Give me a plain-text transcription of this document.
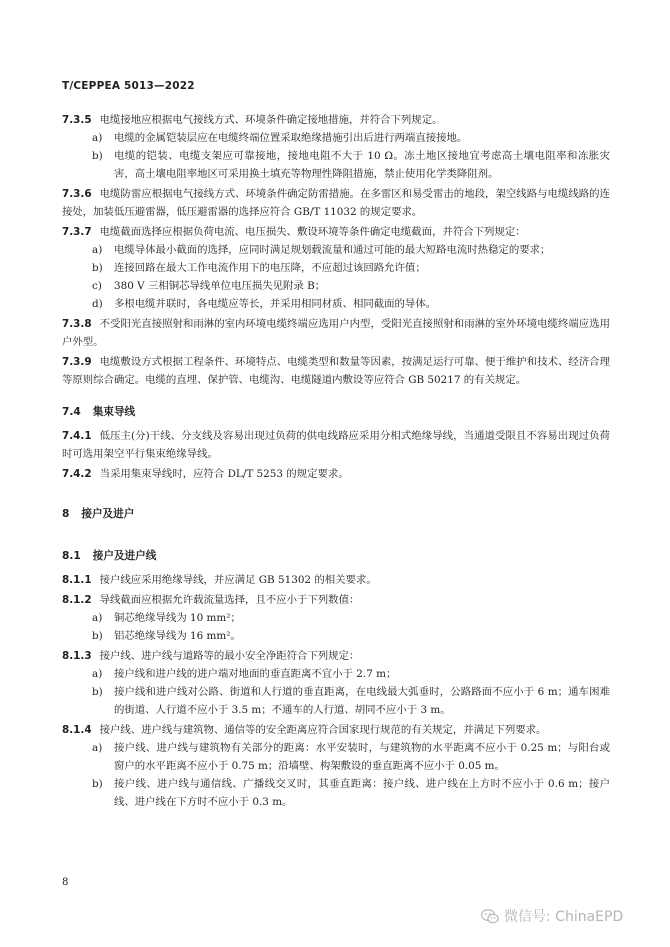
T/CEPPEA 5013—2022
7.3.5 电缆接地应根据电气接线方式、环境条件确定接地措施，并符合下列规定。
a) 电缆的金属铠装层应在电缆终端位置采取绝缘措施引出后进行两端直接接地。
b) 电缆的铠装、电缆支架应可靠接地，接地电阻不大于 10 Ω。冻土地区接地宜考虑高土壤电阻率和冻胀灾害，高土壤电阻率地区可采用换土填充等物理性降阻措施，禁止使用化学类降阻剂。
7.3.6 电缆防雷应根据电气接线方式、环境条件确定防雷措施。在多雷区和易受雷击的地段，架空线路与电缆线路的连接处，加装低压避雷器，低压避雷器的选择应符合 GB/T 11032 的规定要求。
7.3.7 电缆截面选择应根据负荷电流、电压损失、敷设环境等条件确定电缆截面，并符合下列规定：
a) 电缆导体最小截面的选择，应同时满足规划载流量和通过可能的最大短路电流时热稳定的要求；
b) 连接回路在最大工作电流作用下的电压降，不应超过该回路允许值；
c) 380 V 三相铜芯导线单位电压损失见附录 B；
d) 多根电缆并联时，各电缆应等长，并采用相同材质、相同截面的导体。
7.3.8 不受阳光直接照射和雨淋的室内环境电缆终端应选用户内型，受阳光直接照射和雨淋的室外环境电缆终端应选用户外型。
7.3.9 电缆敷设方式根据工程条件、环境特点、电缆类型和数量等因素，按满足运行可靠、便于维护和技术、经济合理等原则综合确定。电缆的直埋、保护管、电缆沟、电缆隧道内敷设等应符合 GB 50217 的有关规定。
7.4 集束导线
7.4.1 低压主(分)干线、分支线及容易出现过负荷的供电线路应采用分相式绝缘导线，当通道受限且不容易出现过负荷时可选用架空平行集束绝缘导线。
7.4.2 当采用集束导线时，应符合 DL/T 5253 的规定要求。
8 接户及进户
8.1 接户及进户线
8.1.1 接户线应采用绝缘导线，并应满足 GB 51302 的相关要求。
8.1.2 导线截面应根据允许载流量选择，且不应小于下列数值：
a) 铜芯绝缘导线为 10 mm²；
b) 铝芯绝缘导线为 16 mm²。
8.1.3 接户线、进户线与道路等的最小安全净距符合下列规定：
a) 接户线和进户线的进户端对地面的垂直距离不宜小于 2.7 m；
b) 接户线和进户线对公路、街道和人行道的垂直距离，在电线最大弧垂时，公路路面不应小于 6 m；通车困难的街道、人行道不应小于 3.5 m；不通车的人行道、胡同不应小于 3 m。
8.1.4 接户线、进户线与建筑物、通信等的安全距离应符合国家现行规范的有关规定，并满足下列要求。
a) 接户线、进户线与建筑物有关部分的距离：水平安装时，与建筑物的水平距离不应小于 0.25 m；与阳台或窗户的水平距离不应小于 0.75 m；沿墙壁、构架敷设的垂直距离不应小于 0.05 m。
b) 接户线、进户线与通信线、广播线交叉时，其垂直距离：接户线、进户线在上方时不应小于 0.6 m；接户线、进户线在下方时不应小于 0.3 m。
8
微信号: ChinaEPD
